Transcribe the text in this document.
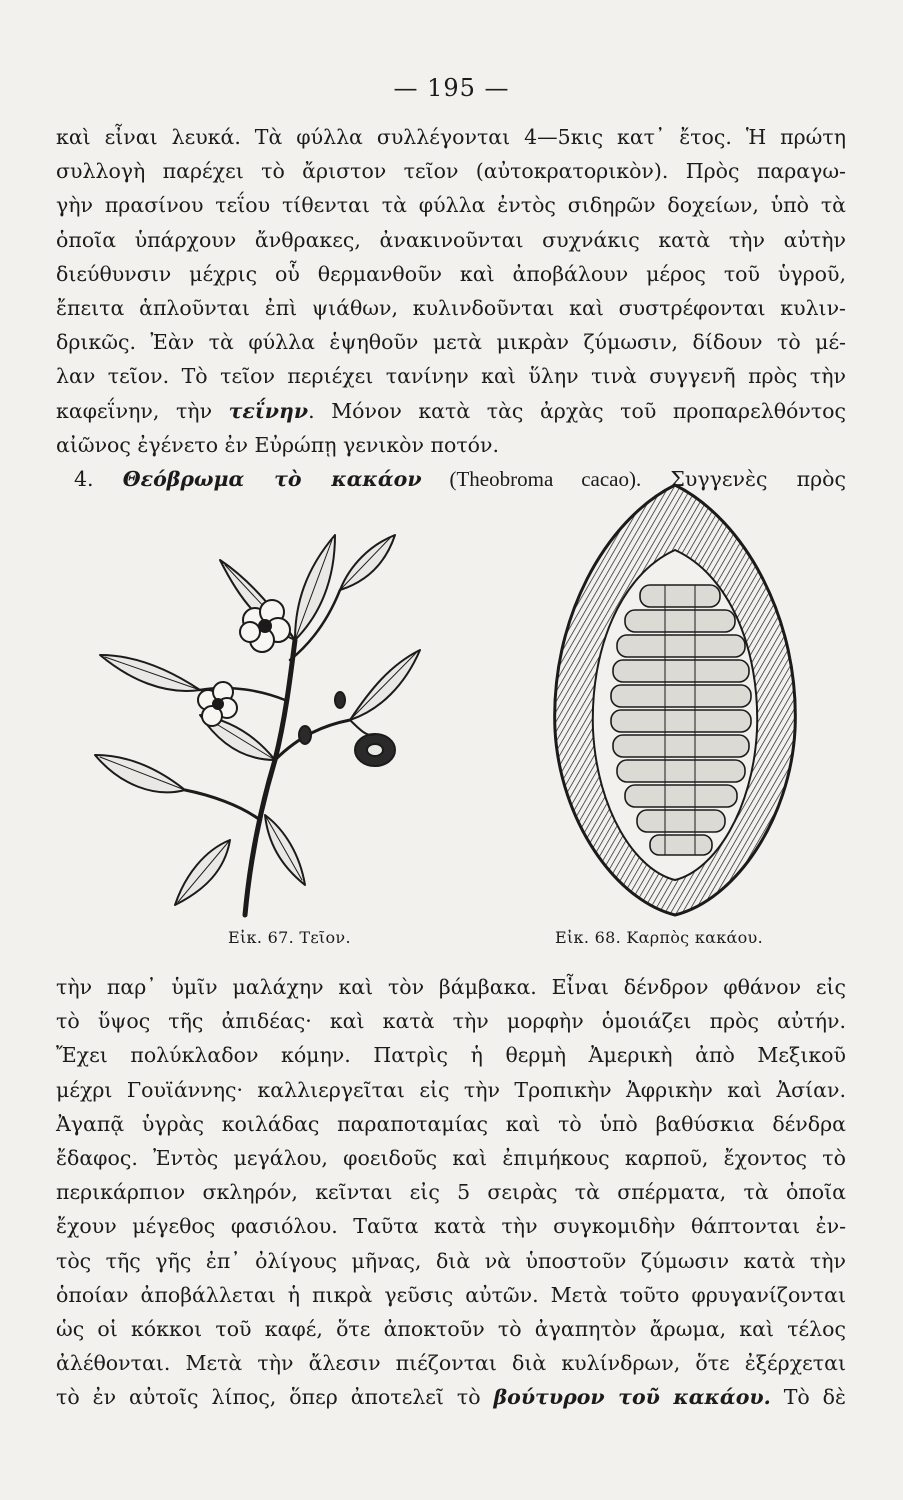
— 195 —

καὶ εἶναι λευκά. Τὰ φύλλα συλλέγονται 4—5κις κατ᾽ ἔτος. Ἡ πρώτη

συλλογὴ παρέχει τὸ ἄριστον τεῖον (αὐτοκρατορικὸν). Πρὸς παραγω-

γὴν πρασίνου τεΐου τίθενται τὰ φύλλα ἐντὸς σιδηρῶν δοχείων, ὑπὸ τὰ

ὁποῖα ὑπάρχουν ἄνθρακες, ἀνακινοῦνται συχνάκις κατὰ τὴν αὐτὴν

διεύθυνσιν μέχρις οὗ θερμανθοῦν καὶ ἀποβάλουν μέρος τοῦ ὑγροῦ,

ἔπειτα ἁπλοῦνται ἐπὶ ψιάθων, κυλινδοῦνται καὶ συστρέφονται κυλιν-

δρικῶς. Ἐὰν τὰ φύλλα ἑψηθοῦν μετὰ μικρὰν ζύμωσιν, δίδουν τὸ μέ-

λαν τεῖον. Τὸ τεῖον περιέχει τανίνην καὶ ὕλην τινὰ συγγενῆ πρὸς τὴν

καφεΐνην, τὴν τεΐνην. Μόνον κατὰ τὰς ἀρχὰς τοῦ προπαρελθόντος

αἰῶνος ἐγένετο ἐν Εὐρώπῃ γενικὸν ποτόν.

4. Θεόβρωμα τὸ κακάον (Theobroma cacao). Συγγενὲς πρὸς

Εἰκ. 67. Τεῖον.	Εἰκ. 68. Καρπὸς κακάου.

τὴν παρ᾽ ὑμῖν μαλάχην καὶ τὸν βάμβακα. Εἶναι δένδρον φθάνον εἰς

τὸ ὕψος τῆς ἀπιδέας· καὶ κατὰ τὴν μορφὴν ὁμοιάζει πρὸς αὐτήν.

Ἔχει πολύκλαδον κόμην. Πατρὶς ἡ θερμὴ Ἀμερικὴ ἀπὸ Μεξικοῦ

μέχρι Γουϊάννης· καλλιεργεῖται εἰς τὴν Τροπικὴν Ἀφρικὴν καὶ Ἀσίαν.

Ἀγαπᾷ ὑγρὰς κοιλάδας παραποταμίας καὶ τὸ ὑπὸ βαθύσκια δένδρα

ἔδαφος. Ἐντὸς μεγάλου, φοειδοῦς καὶ ἐπιμήκους καρποῦ, ἔχοντος τὸ

περικάρπιον σκληρόν, κεῖνται εἰς 5 σειρὰς τὰ σπέρματα, τὰ ὁποῖα

ἔχουν μέγεθος φασιόλου. Ταῦτα κατὰ τὴν συγκομιδὴν θάπτονται ἐν-

τὸς τῆς γῆς ἐπ᾽ ὀλίγους μῆνας, διὰ νὰ ὑποστοῦν ζύμωσιν κατὰ τὴν

ὁποίαν ἀποβάλλεται ἡ πικρὰ γεῦσις αὐτῶν. Μετὰ τοῦτο φρυγανίζονται

ὡς οἱ κόκκοι τοῦ καφέ, ὅτε ἀποκτοῦν τὸ ἀγαπητὸν ἄρωμα, καὶ τέλος

ἀλέθονται. Μετὰ τὴν ἄλεσιν πιέζονται διὰ κυλίνδρων, ὅτε ἐξέρχεται

τὸ ἐν αὐτοῖς λίπος, ὅπερ ἀποτελεῖ τὸ βούτυρον τοῦ κακάου. Τὸ δὲ
